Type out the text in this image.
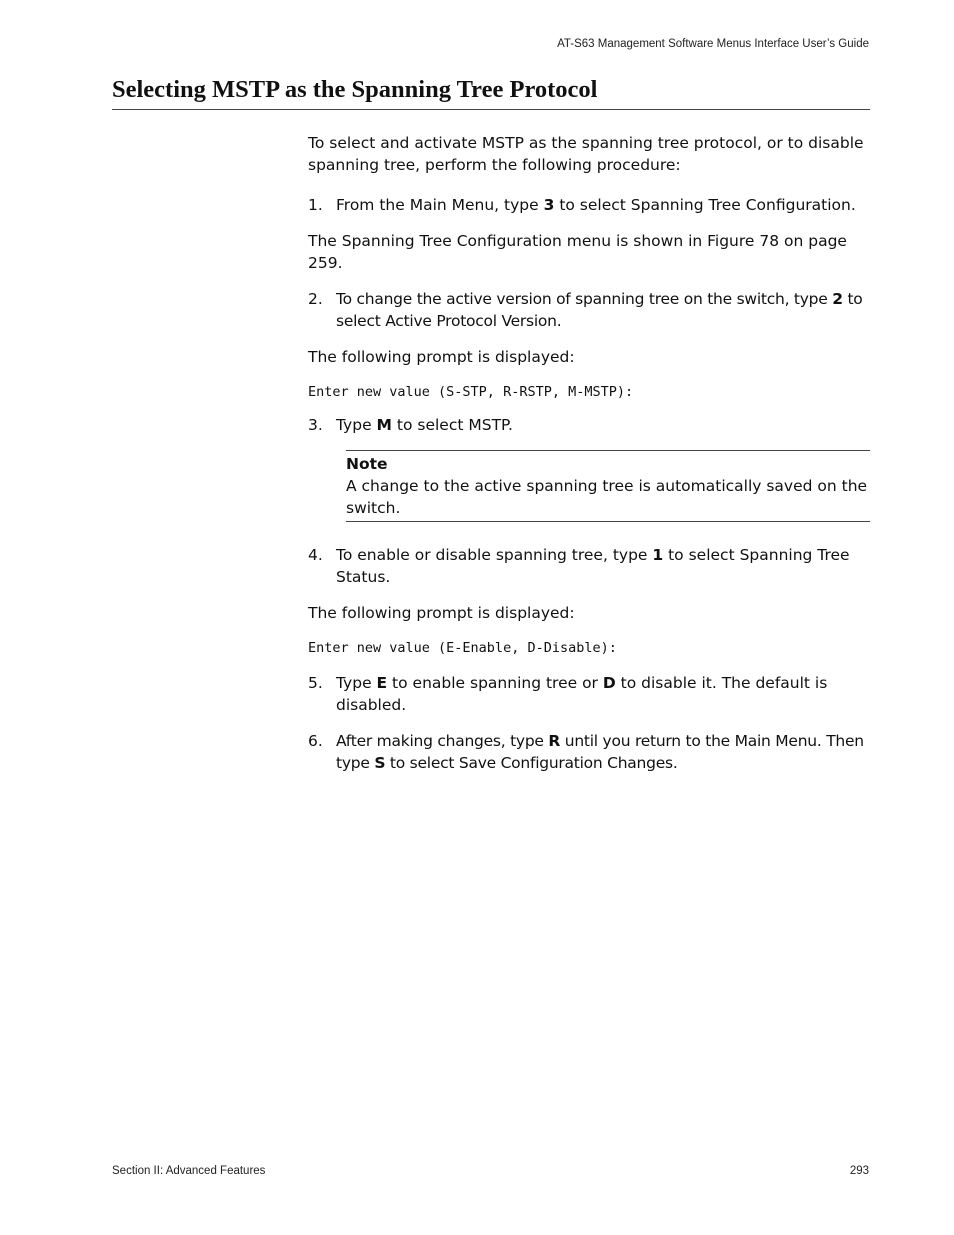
AT-S63 Management Software Menus Interface User’s Guide
Selecting MSTP as the Spanning Tree Protocol

To select and activate MSTP as the spanning tree protocol, or to disable spanning tree, perform the following procedure:

1. From the Main Menu, type 3 to select Spanning Tree Configuration.

The Spanning Tree Configuration menu is shown in Figure 78 on page 259.

2. To change the active version of spanning tree on the switch, type 2 to select Active Protocol Version.

The following prompt is displayed:

Enter new value (S-STP, R-RSTP, M-MSTP):

3. Type M to select MSTP.
Note
A change to the active spanning tree is automatically saved on the switch.
4. To enable or disable spanning tree, type 1 to select Spanning Tree Status.

The following prompt is displayed:

Enter new value (E-Enable, D-Disable):

5. Type E to enable spanning tree or D to disable it. The default is disabled.
6. After making changes, type R until you return to the Main Menu. Then type S to select Save Configuration Changes.
Section II: Advanced Features	293
